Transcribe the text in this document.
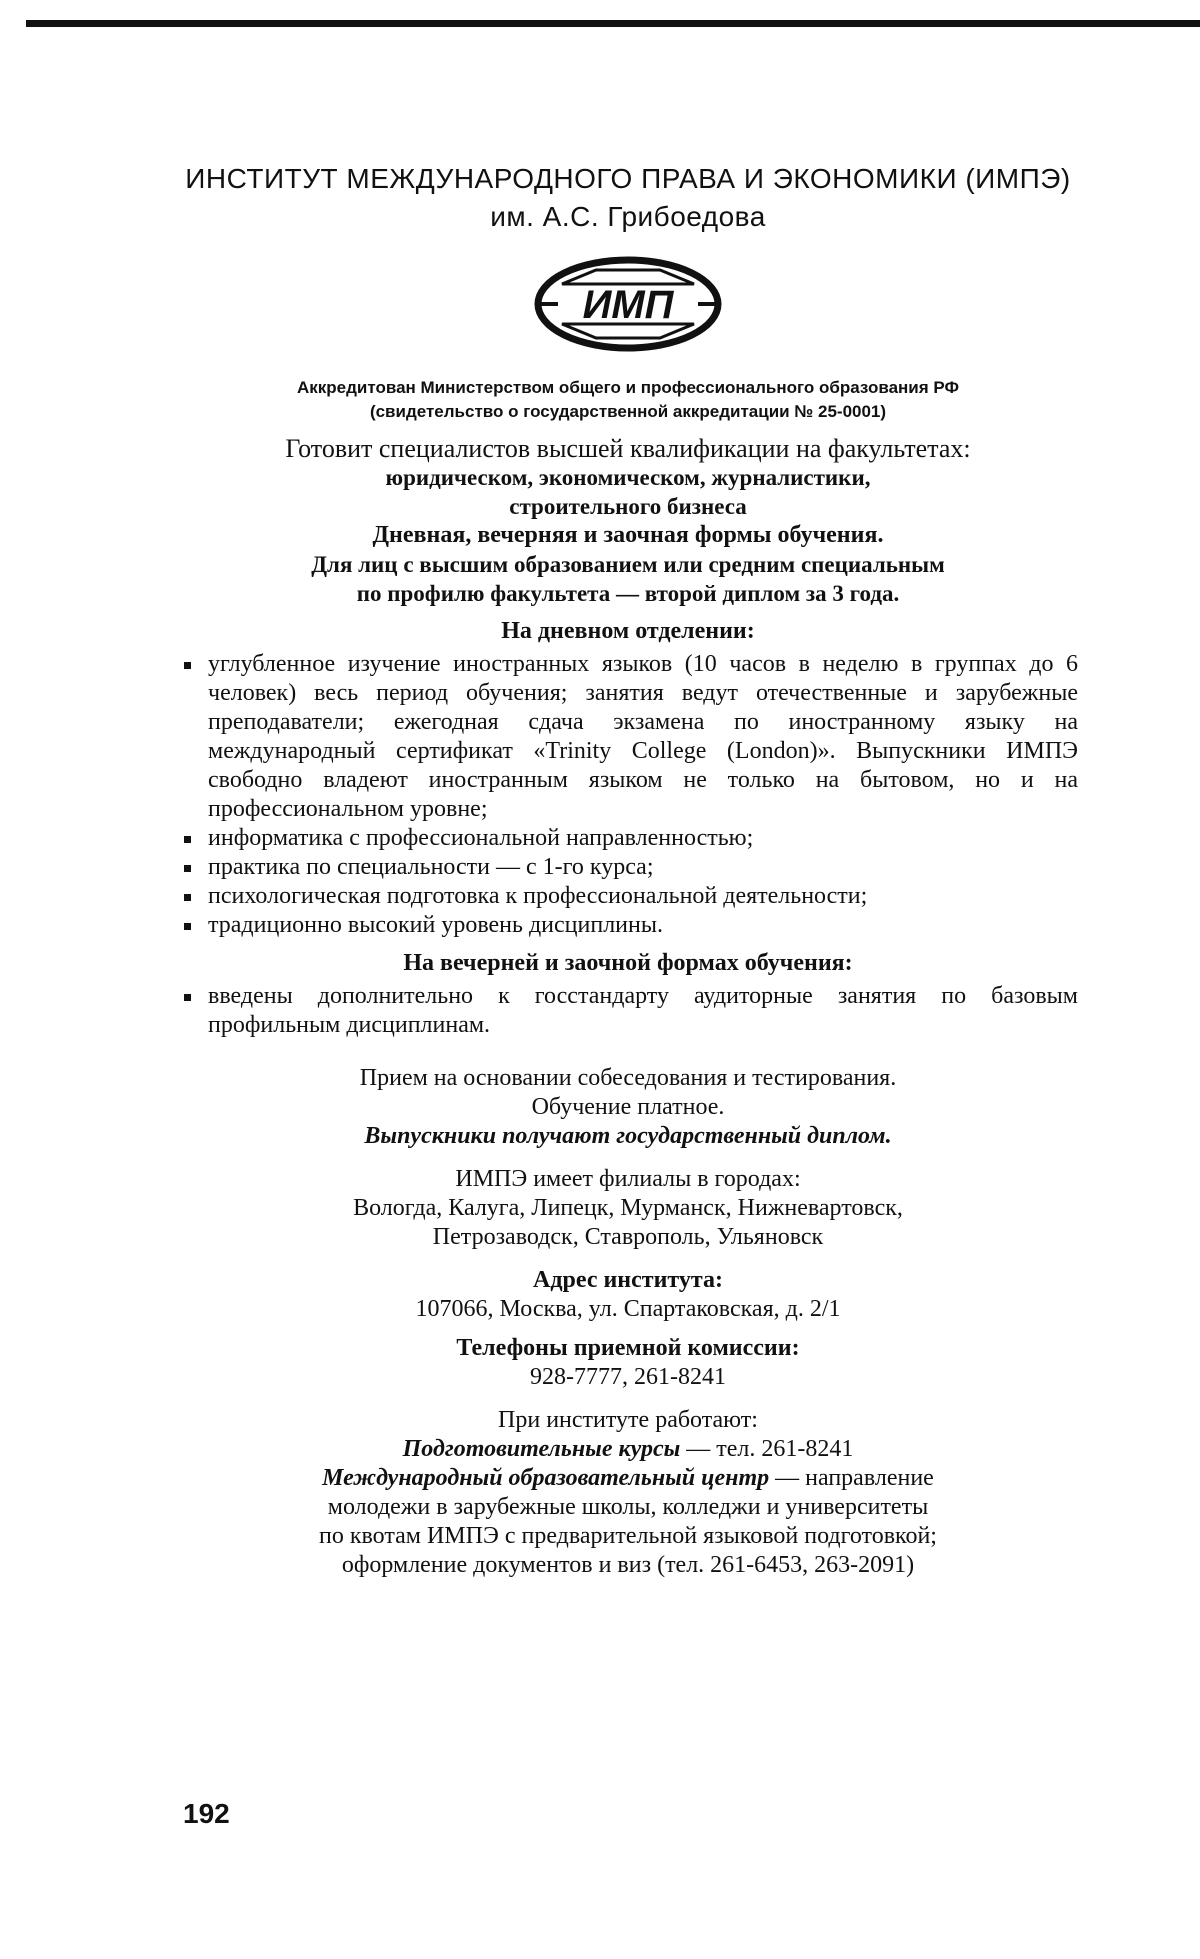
ИНСТИТУТ МЕЖДУНАРОДНОГО ПРАВА И ЭКОНОМИКИ (ИМПЭ)
им. А.С. Грибоедова
ИМП
Аккредитован Министерством общего и профессионального образования РФ
(свидетельство о государственной аккредитации № 25-0001)
Готовит специалистов высшей квалификации на факультетах:
юридическом, экономическом, журналистики,
строительного бизнеса
Дневная, вечерняя и заочная формы обучения.
Для лиц с высшим образованием или средним специальным
по профилю факультета — второй диплом за 3 года.
На дневном отделении:
углубленное изучение иностранных языков (10 часов в неделю в группах до 6 человек) весь период обучения; занятия ведут отечественные и зарубежные преподаватели; ежегодная сдача экзамена по иностранному языку на международный сертификат «Trinity College (London)». Выпускники ИМПЭ свободно владеют иностранным языком не только на бытовом, но и на профессиональном уровне;
информатика с профессиональной направленностью;
практика по специальности — с 1-го курса;
психологическая подготовка к профессиональной деятельности;
традиционно высокий уровень дисциплины.
На вечерней и заочной формах обучения:
введены дополнительно к госстандарту аудиторные занятия по базовым профильным дисциплинам.
Прием на основании собеседования и тестирования.
Обучение платное.
Выпускники получают государственный диплом.
ИМПЭ имеет филиалы в городах:
Вологда, Калуга, Липецк, Мурманск, Нижневартовск,
Петрозаводск, Ставрополь, Ульяновск
Адрес института:
107066, Москва, ул. Спартаковская, д. 2/1
Телефоны приемной комиссии:
928-7777, 261-8241
При институте работают:
Подготовительные курсы — тел. 261-8241
Международный образовательный центр — направление
молодежи в зарубежные школы, колледжи и университеты
по квотам ИМПЭ с предварительной языковой подготовкой;
оформление документов и виз (тел. 261-6453, 263-2091)
192
